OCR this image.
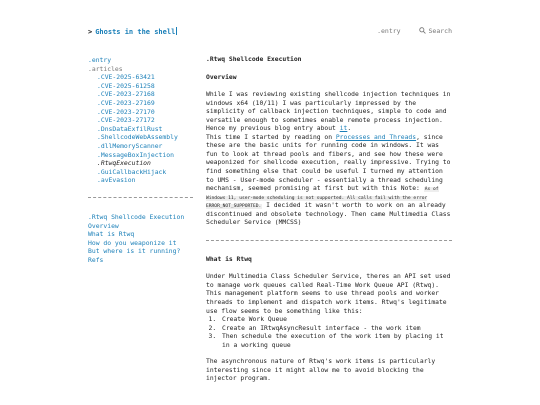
> Ghosts in the shell	.entry	Search
.entry
.articles
.CVE-2025-63421
.CVE-2025-61258
.CVE-2023-27168
.CVE-2023-27169
.CVE-2023-27170
.CVE-2023-27172
.DnsDataExfilRust
.ShellcodeWebAssembly
.dllMemoryScanner
.MessageBoxInjection
.RtwqExecution
.GuiCallbackHijack
.avEvasion
.Rtwq Shellcode Execution
Overview
What is Rtwq
How do you weaponize it
But where is it running?
Refs
.Rtwq Shellcode Execution
Overview

While I was reviewing existing shellcode injection techniques in windows x64 (10/11) I was particularly impressed by the simplicity of callback injection techniques, simple to code and versatile enough to sometimes enable remote process injection. Hence my previous blog entry about it.

This time I started by reading on Processes and Threads, since these are the basic units for running code in windows. It was fun to look at thread pools and fibers, and see how these were weaponized for shellcode execution, really impressive. Trying to find something else that could be useful I turned my attention to UMS - User-mode scheduler - essentially a thread scheduling mechanism, seemed promising at first but with this Note: As of Windows 11, user-mode scheduling is not supported. All calls fail with the error ERROR_NOT_SUPPORTED. I decided it wasn't worth to work on an already discontinued and obsolete technology. Then came Multimedia Class Scheduler Service (MMCSS)

What is Rtwq

Under Multimedia Class Scheduler Service, theres an API set used to manage work queues called Real-Time Work Queue API (Rtwq). This management platform seems to use thread pools and worker threads to implement and dispatch work items. Rtwq's legitimate use flow seems to be something like this:

1. Create Work Queue
2. Create an IRtwqAsyncResult interface - the work item
3. Then schedule the execution of the work item by placing it in a working queue

The asynchronous nature of Rtwq's work items is particularly interesting since it might allow me to avoid blocking the injector program.
